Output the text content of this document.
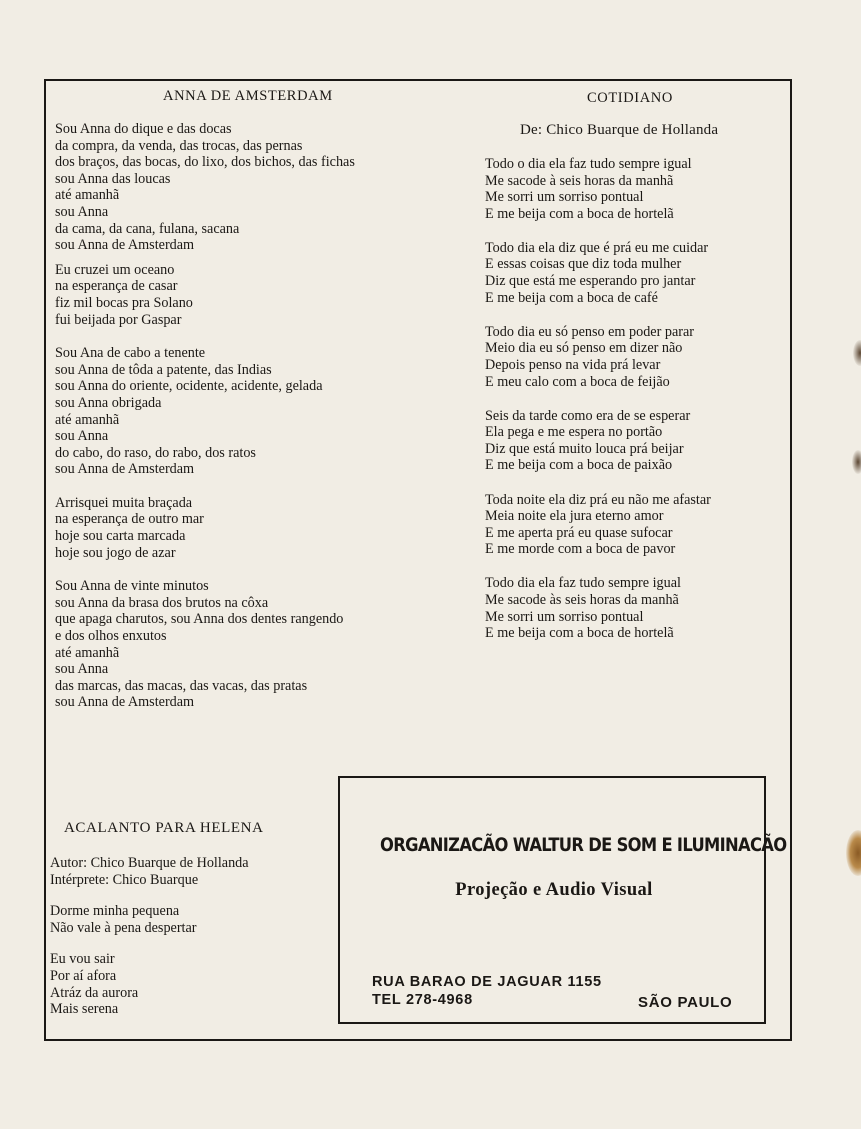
ANNA DE AMSTERDAM
Sou Anna do dique e das docas
da compra, da venda, das trocas, das pernas
dos braços, das bocas, do lixo, dos bichos, das fichas
sou Anna das loucas
até amanhã
sou Anna
da cama, da cana, fulana, sacana
sou Anna de Amsterdam
Eu cruzei um oceano
na esperança de casar
fiz mil bocas pra Solano
fui beijada por Gaspar
Sou Ana de cabo a tenente
sou Anna de tôda a patente, das Indias
sou Anna do oriente, ocidente, acidente, gelada
sou Anna obrigada
até amanhã
sou Anna
do cabo, do raso, do rabo, dos ratos
sou Anna de Amsterdam
Arrisquei muita braçada
na esperança de outro mar
hoje sou carta marcada
hoje sou jogo de azar
Sou Anna de vinte minutos
sou Anna da brasa dos brutos na côxa
que apaga charutos, sou Anna dos dentes rangendo
e dos olhos enxutos
até amanhã
sou Anna
das marcas, das macas, das vacas, das pratas
sou Anna de Amsterdam
COTIDIANO
De: Chico Buarque de Hollanda
Todo o dia ela faz tudo sempre igual
Me sacode à seis horas da manhã
Me sorri um sorriso pontual
E me beija com a boca de hortelã
Todo dia ela diz que é prá eu me cuidar
E essas coisas que diz toda mulher
Diz que está me esperando pro jantar
E me beija com a boca de café
Todo dia eu só penso em poder parar
Meio dia eu só penso em dizer não
Depois penso na vida prá levar
E meu calo com a boca de feijão
Seis da tarde como era de se esperar
Ela pega e me espera no portão
Diz que está muito louca prá beijar
E me beija com a boca de paixão
Toda noite ela diz prá eu não me afastar
Meia noite ela jura eterno amor
E me aperta prá eu quase sufocar
E me morde com a boca de pavor
Todo dia ela faz tudo sempre igual
Me sacode às seis horas da manhã
Me sorri um sorriso pontual
E me beija com a boca de hortelã
ACALANTO PARA HELENA
Autor: Chico Buarque de Hollanda
Intérprete: Chico Buarque
Dorme minha pequena
Não vale à pena despertar
Eu vou sair
Por aí afora
Atráz da aurora
Mais serena
ORGANIZACÃO WALTUR DE SOM E ILUMINACÃO
Projeção e Audio Visual
RUA BARAO DE JAGUAR 1155
TEL 278-4968	SÃO PAULO
